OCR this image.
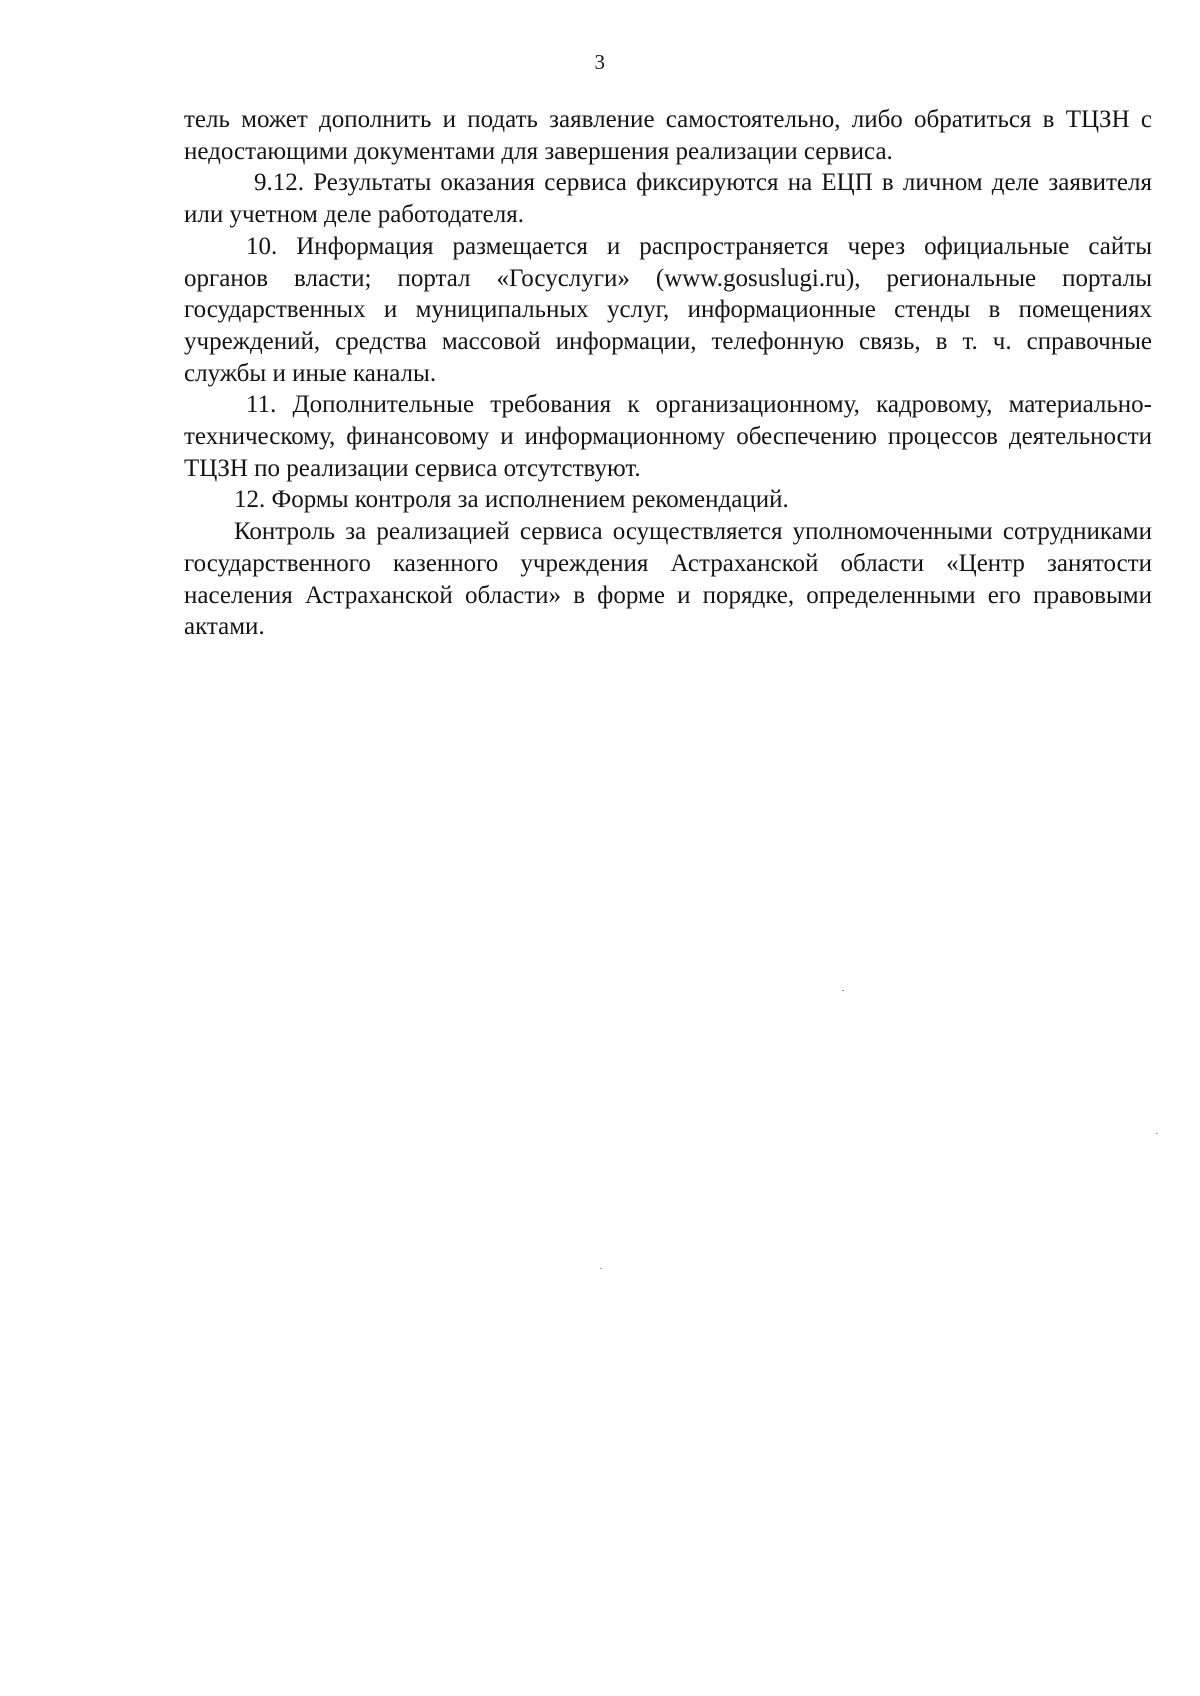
3

тель может дополнить и подать заявление самостоятельно, либо обратиться в ТЦЗН с недостающими документами для завершения реализации сервиса.

9.12. Результаты оказания сервиса фиксируются на ЕЦП в личном деле заявителя или учетном деле работодателя.

10. Информация размещается и распространяется через официальные сайты органов власти; портал «Госуслуги» (www.gosuslugi.ru), региональные порталы государственных и муниципальных услуг, информационные стенды в помещениях учреждений, средства массовой информации, телефонную связь, в т. ч. справочные службы и иные каналы.

11. Дополнительные требования к организационному, кадровому, материально-техническому, финансовому и информационному обеспечению процессов деятельности ТЦЗН по реализации сервиса отсутствуют.

12. Формы контроля за исполнением рекомендаций.

Контроль за реализацией сервиса осуществляется уполномоченными сотрудниками государственного казенного учреждения Астраханской области «Центр занятости населения Астраханской области» в форме и порядке, определенными его правовыми актами.
